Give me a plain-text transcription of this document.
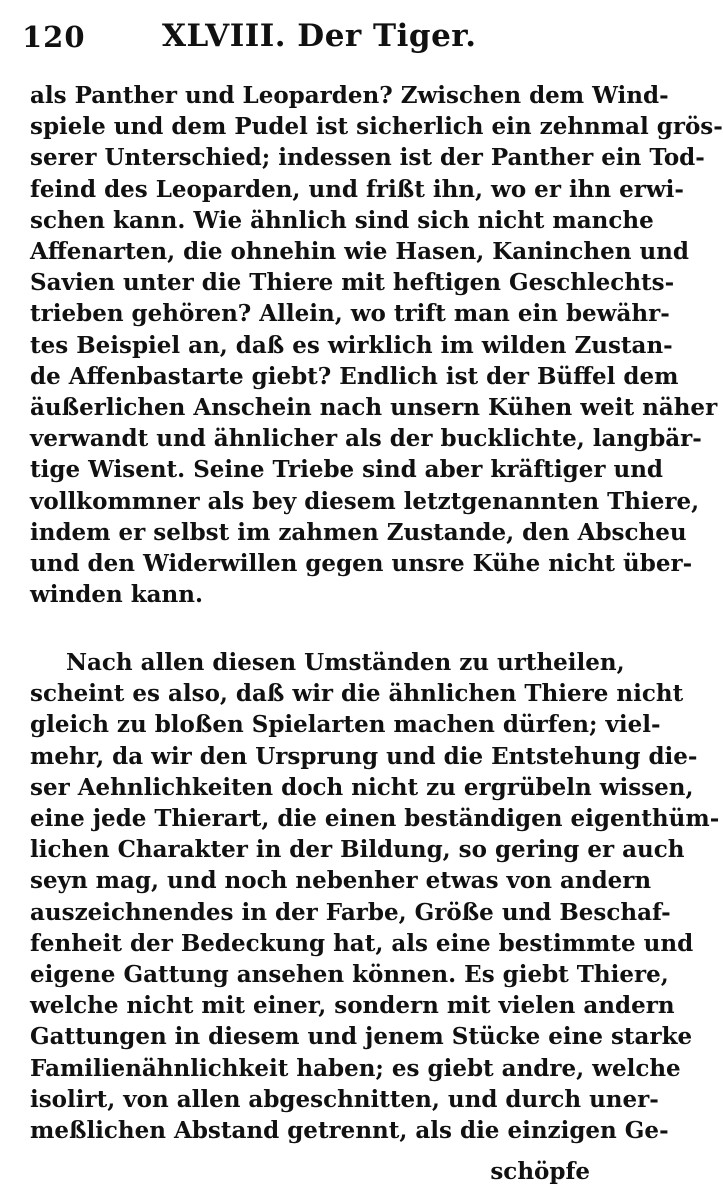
120 XLVIII. Der Tiger.
als Panther und Leoparden? Zwischen dem Wind-
spiele und dem Pudel ist sicherlich ein zehnmal grös-
serer Unterschied; indessen ist der Panther ein Tod-
feind des Leoparden, und frißt ihn, wo er ihn erwi-
schen kann. Wie ähnlich sind sich nicht manche
Affenarten, die ohnehin wie Hasen, Kaninchen und
Savien unter die Thiere mit heftigen Geschlechts-
trieben gehören? Allein, wo trift man ein bewähr-
tes Beispiel an, daß es wirklich im wilden Zustan-
de Affenbastarte giebt? Endlich ist der Büffel dem
äußerlichen Anschein nach unsern Kühen weit näher
verwandt und ähnlicher als der bucklichte, langbär-
tige Wisent. Seine Triebe sind aber kräftiger und
vollkommner als bey diesem letztgenannten Thiere,
indem er selbst im zahmen Zustande, den Abscheu
und den Widerwillen gegen unsre Kühe nicht über-
winden kann.
Nach allen diesen Umständen zu urtheilen,
scheint es also, daß wir die ähnlichen Thiere nicht
gleich zu bloßen Spielarten machen dürfen; viel-
mehr, da wir den Ursprung und die Entstehung die-
ser Aehnlichkeiten doch nicht zu ergrübeln wissen,
eine jede Thierart, die einen beständigen eigenthüm-
lichen Charakter in der Bildung, so gering er auch
seyn mag, und noch nebenher etwas von andern
auszeichnendes in der Farbe, Größe und Beschaf-
fenheit der Bedeckung hat, als eine bestimmte und
eigene Gattung ansehen können. Es giebt Thiere,
welche nicht mit einer, sondern mit vielen andern
Gattungen in diesem und jenem Stücke eine starke
Familienähnlichkeit haben; es giebt andre, welche
isolirt, von allen abgeschnitten, und durch uner-
meßlichen Abstand getrennt, als die einzigen Ge-
schöpfe
